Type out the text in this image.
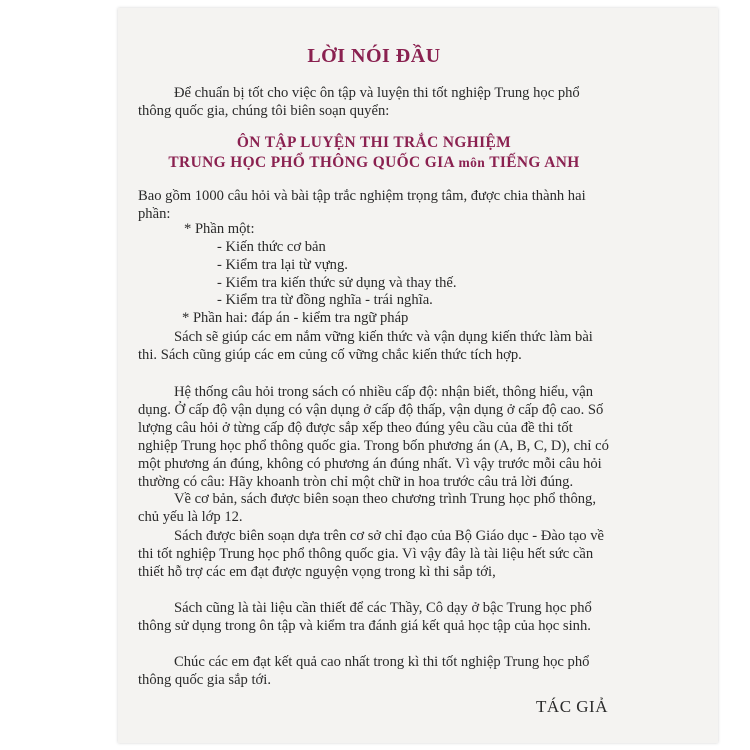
LỜI NÓI ĐẦU
Để chuẩn bị tốt cho việc ôn tập và luyện thi tốt nghiệp Trung học phổ thông quốc gia, chúng tôi biên soạn quyển:
ÔN TẬP LUYỆN THI TRẮC NGHIỆM
TRUNG HỌC PHỔ THÔNG QUỐC GIA môn TIẾNG ANH
Bao gồm 1000 câu hỏi và bài tập trắc nghiệm trọng tâm, được chia thành hai phần:
* Phần một:
- Kiến thức cơ bản
- Kiểm tra lại từ vựng.
- Kiểm tra kiến thức sử dụng và thay thế.
- Kiểm tra từ đồng nghĩa - trái nghĩa.
* Phần hai: đáp án - kiểm tra ngữ pháp
Sách sẽ giúp các em nắm vững kiến thức và vận dụng kiến thức làm bài thi. Sách cũng giúp các em củng cố vững chắc kiến thức tích hợp.
Hệ thống câu hỏi trong sách có nhiều cấp độ: nhận biết, thông hiểu, vận dụng. Ở cấp độ vận dụng có vận dụng ở cấp độ thấp, vận dụng ở cấp độ cao. Số lượng câu hỏi ở từng cấp độ được sắp xếp theo đúng yêu cầu của đề thi tốt nghiệp Trung học phổ thông quốc gia. Trong bốn phương án (A, B, C, D), chỉ có một phương án đúng, không có phương án đúng nhất. Vì vậy trước mỗi câu hỏi thường có câu: Hãy khoanh tròn chỉ một chữ in hoa trước câu trả lời đúng.
Về cơ bản, sách được biên soạn theo chương trình Trung học phổ thông, chủ yếu là lớp 12.
Sách được biên soạn dựa trên cơ sở chỉ đạo của Bộ Giáo dục - Đào tạo về thi tốt nghiệp Trung học phổ thông quốc gia. Vì vậy đây là tài liệu hết sức cần thiết hỗ trợ các em đạt được nguyện vọng trong kì thi sắp tới,
Sách cũng là tài liệu cần thiết để các Thầy, Cô dạy ở bậc Trung học phổ thông sử dụng trong ôn tập và kiểm tra đánh giá kết quả học tập của học sinh.
Chúc các em đạt kết quả cao nhất trong kì thi tốt nghiệp Trung học phổ thông quốc gia sắp tới.
TÁC GIẢ
